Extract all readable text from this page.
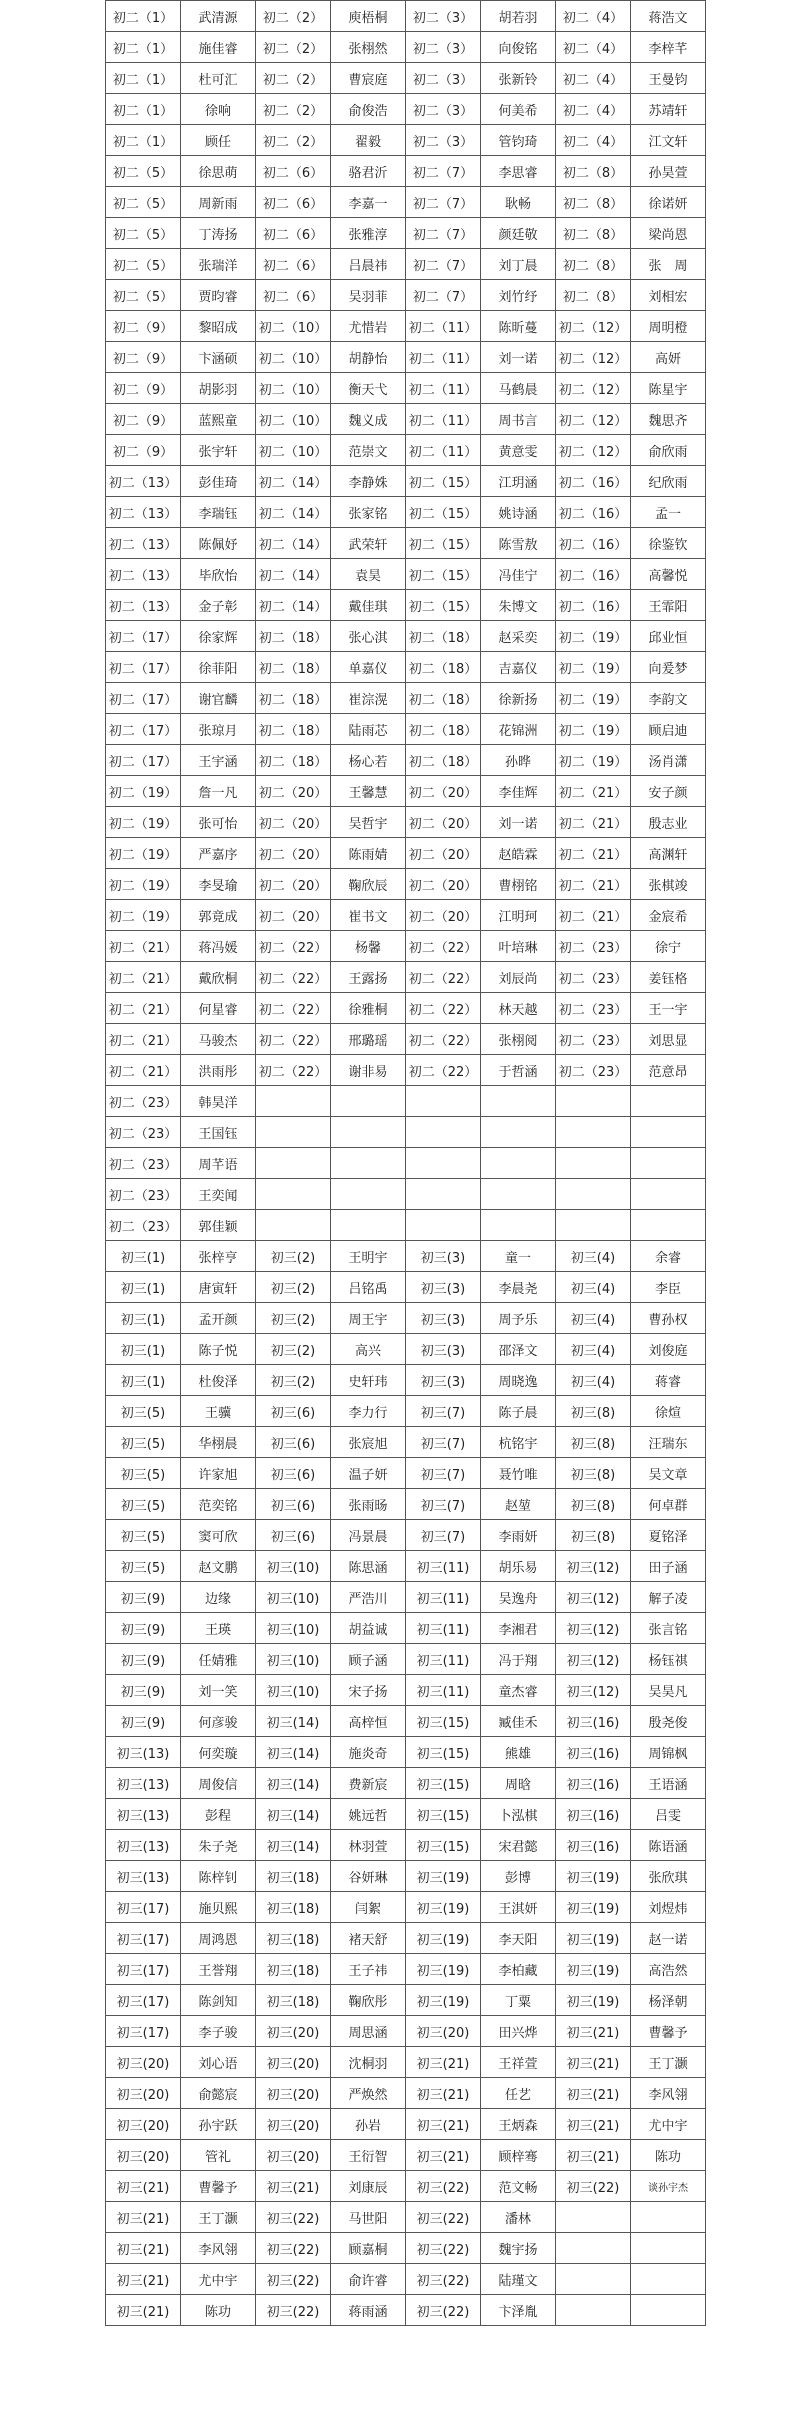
初二（1）	武清源	初二（2）	庾梧桐	初二（3）	胡若羽	初二（4）	蒋浩文
初二（1）	施佳睿	初二（2）	张栩然	初二（3）	向俊铭	初二（4）	李梓芊
初二（1）	杜可汇	初二（2）	曹宸庭	初二（3）	张新铃	初二（4）	王曼钧
初二（1）	徐响	初二（2）	俞俊浩	初二（3）	何美希	初二（4）	苏靖轩
初二（1）	顾任	初二（2）	翟毅	初二（3）	管钧琦	初二（4）	江文轩
初二（5）	徐思萌	初二（6）	骆君沂	初二（7）	李思睿	初二（8）	孙昊萱
初二（5）	周新雨	初二（6）	李嘉一	初二（7）	耿畅	初二（8）	徐诺妍
初二（5）	丁涛扬	初二（6）	张雅淳	初二（7）	颜廷敬	初二（8）	梁尚恩
初二（5）	张瑞洋	初二（6）	吕晨祎	初二（7）	刘丁晨	初二（8）	张　周
初二（5）	贾昀睿	初二（6）	吴羽菲	初二（7）	刘竹纾	初二（8）	刘相宏
初二（9）	黎昭成	初二（10）	尤惜岩	初二（11）	陈昕蔓	初二（12）	周明橙
初二（9）	卞涵硕	初二（10）	胡静怡	初二（11）	刘一诺	初二（12）	高妍
初二（9）	胡影羽	初二（10）	衡天弋	初二（11）	马鹤晨	初二（12）	陈星宇
初二（9）	蓝熙童	初二（10）	魏义成	初二（11）	周书言	初二（12）	魏思齐
初二（9）	张宇轩	初二（10）	范崇文	初二（11）	黄意雯	初二（12）	俞欣雨
初二（13）	彭佳琦	初二（14）	李静姝	初二（15）	江玥涵	初二（16）	纪欣雨
初二（13）	李瑞钰	初二（14）	张家铭	初二（15）	姚诗涵	初二（16）	孟一
初二（13）	陈佩妤	初二（14）	武荣轩	初二（15）	陈雪敖	初二（16）	徐鉴钦
初二（13）	毕欣怡	初二（14）	袁昊	初二（15）	冯佳宁	初二（16）	高馨悦
初二（13）	金子彰	初二（14）	戴佳琪	初二（15）	朱博文	初二（16）	王霏阳
初二（17）	徐家辉	初二（18）	张心淇	初二（18）	赵采奕	初二（19）	邱业恒
初二（17）	徐菲阳	初二（18）	单嘉仪	初二（18）	吉嘉仪	初二（19）	向爰梦
初二（17）	谢官麟	初二（18）	崔淙滉	初二（18）	徐新扬	初二（19）	李韵文
初二（17）	张琼月	初二（18）	陆雨芯	初二（18）	花锦洲	初二（19）	顾启迪
初二（17）	王宇涵	初二（18）	杨心若	初二（18）	孙晔	初二（19）	汤肖潇
初二（19）	詹一凡	初二（20）	王馨慧	初二（20）	李佳辉	初二（21）	安子颜
初二（19）	张可怡	初二（20）	吴哲宇	初二（20）	刘一诺	初二（21）	殷志业
初二（19）	严嘉序	初二（20）	陈雨婧	初二（20）	赵皓霖	初二（21）	高渊轩
初二（19）	李旻瑜	初二（20）	鞠欣辰	初二（20）	曹栩铭	初二（21）	张棋竣
初二（19）	郭竟成	初二（20）	崔书文	初二（20）	江明珂	初二（21）	金宸希
初二（21）	蒋冯媛	初二（22）	杨馨	初二（22）	叶培琳	初二（23）	徐宁
初二（21）	戴欣桐	初二（22）	王露扬	初二（22）	刘辰尚	初二（23）	姜钰格
初二（21）	何星睿	初二（22）	徐雅桐	初二（22）	林天越	初二（23）	王一宇
初二（21）	马骏杰	初二（22）	邢璐瑶	初二（22）	张栩阅	初二（23）	刘思显
初二（21）	洪雨彤	初二（22）	谢非易	初二（22）	于哲涵	初二（23）	范意昂
初二（23）	韩昊洋						
初二（23）	王国钰						
初二（23）	周芊语						
初二（23）	王奕闻						
初二（23）	郭佳颖						
初三(1)	张梓亨	初三(2)	王明宇	初三(3)	童一	初三(4)	余睿
初三(1)	唐寅轩	初三(2)	吕铭禹	初三(3)	李晨尧	初三(4)	李臣
初三(1)	孟开颜	初三(2)	周王宇	初三(3)	周予乐	初三(4)	曹孙权
初三(1)	陈子悦	初三(2)	高兴	初三(3)	邵泽文	初三(4)	刘俊庭
初三(1)	杜俊泽	初三(2)	史轩玮	初三(3)	周晓逸	初三(4)	蒋睿
初三(5)	王骥	初三(6)	李力行	初三(7)	陈子晨	初三(8)	徐煊
初三(5)	华栩晨	初三(6)	张宸旭	初三(7)	杭铭宇	初三(8)	汪瑞东
初三(5)	许家旭	初三(6)	温子妍	初三(7)	聂竹唯	初三(8)	吴文章
初三(5)	范奕铭	初三(6)	张雨旸	初三(7)	赵堃	初三(8)	何卓群
初三(5)	窦可欣	初三(6)	冯景晨	初三(7)	李雨妍	初三(8)	夏铭泽
初三(5)	赵文鹏	初三(10)	陈思涵	初三(11)	胡乐易	初三(12)	田子涵
初三(9)	边缘	初三(10)	严浩川	初三(11)	吴逸舟	初三(12)	解子凌
初三(9)	王瑛	初三(10)	胡益诚	初三(11)	李湘君	初三(12)	张言铭
初三(9)	任婧雅	初三(10)	顾子涵	初三(11)	冯于翔	初三(12)	杨钰祺
初三(9)	刘一笑	初三(10)	宋子扬	初三(11)	童杰睿	初三(12)	吴昊凡
初三(9)	何彦骏	初三(14)	高梓恒	初三(15)	臧佳禾	初三(16)	殷尧俊
初三(13)	何奕璇	初三(14)	施炎奇	初三(15)	熊雄	初三(16)	周锦枫
初三(13)	周俊信	初三(14)	费新宸	初三(15)	周晗	初三(16)	王语涵
初三(13)	彭程	初三(14)	姚远哲	初三(15)	卜泓棋	初三(16)	吕雯
初三(13)	朱子尧	初三(14)	林羽萱	初三(15)	宋君懿	初三(16)	陈语涵
初三(13)	陈梓钊	初三(18)	谷妍琳	初三(19)	彭博	初三(19)	张欣琪
初三(17)	施贝熙	初三(18)	闫絮	初三(19)	王淇妍	初三(19)	刘煜炜
初三(17)	周鸿恩	初三(18)	褚天舒	初三(19)	李天阳	初三(19)	赵一诺
初三(17)	王誉翔	初三(18)	王子祎	初三(19)	李柏藏	初三(19)	高浩然
初三(17)	陈剑知	初三(18)	鞠欣彤	初三(19)	丁粟	初三(19)	杨泽朝
初三(17)	李子骏	初三(20)	周思涵	初三(20)	田兴烨	初三(21)	曹馨予
初三(20)	刘心语	初三(20)	沈桐羽	初三(21)	王祥萱	初三(21)	王丁灏
初三(20)	俞懿宸	初三(20)	严焕然	初三(21)	任艺	初三(21)	李风翎
初三(20)	孙宇跃	初三(20)	孙岩	初三(21)	王炳森	初三(21)	尤中宇
初三(20)	管礼	初三(20)	王衍智	初三(21)	顾梓骞	初三(21)	陈功
初三(21)	曹馨予	初三(21)	刘康辰	初三(22)	范文畅	初三(22)	谈孙宇杰
初三(21)	王丁灏	初三(22)	马世阳	初三(22)	潘林		
初三(21)	李风翎	初三(22)	顾嘉桐	初三(22)	魏宇扬		
初三(21)	尤中宇	初三(22)	俞许睿	初三(22)	陆瑾文		
初三(21)	陈功	初三(22)	蒋雨涵	初三(22)	卞泽胤		
